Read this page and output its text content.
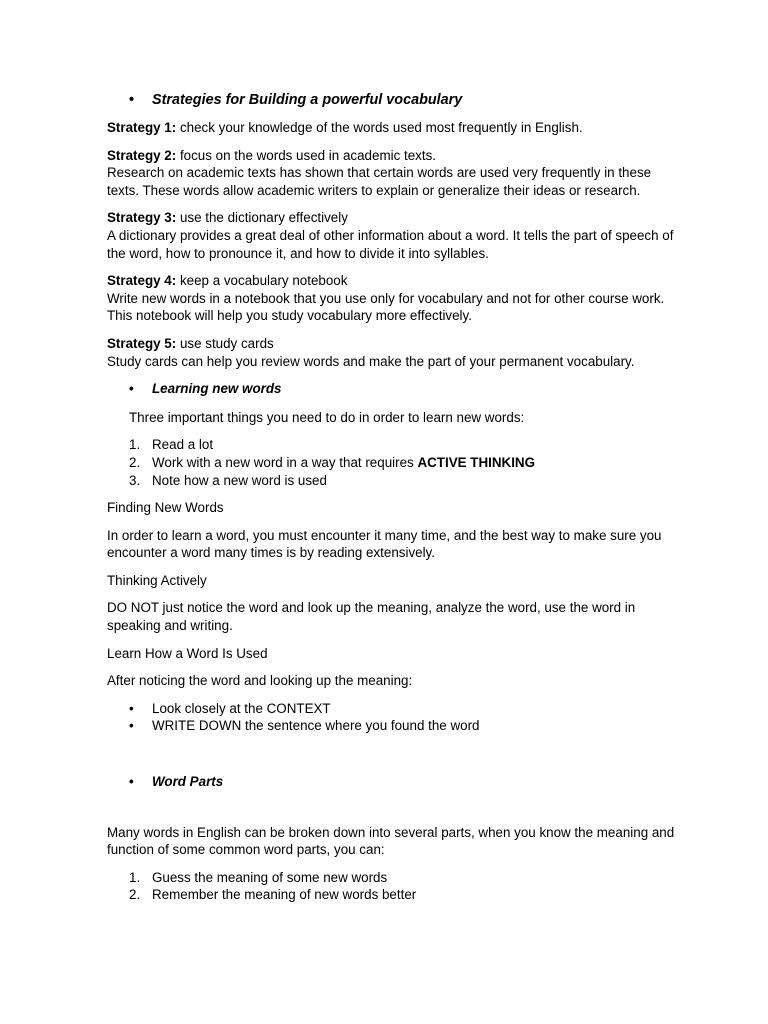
• Strategies for Building a powerful vocabulary

Strategy 1: check your knowledge of the words used most frequently in English.
Strategy 2: focus on the words used in academic texts.
Research on academic texts has shown that certain words are used very frequently in these texts. These words allow academic writers to explain or generalize their ideas or research.
Strategy 3: use the dictionary effectively
A dictionary provides a great deal of other information about a word. It tells the part of speech of the word, how to pronounce it, and how to divide it into syllables.
Strategy 4: keep a vocabulary notebook
Write new words in a notebook that you use only for vocabulary and not for other course work. This notebook will help you study vocabulary more effectively.
Strategy 5: use study cards
Study cards can help you review words and make the part of your permanent vocabulary.

• Learning new words

Three important things you need to do in order to learn new words:

1. Read a lot
2. Work with a new word in a way that requires ACTIVE THINKING
3. Note how a new word is used

Finding New Words

In order to learn a word, you must encounter it many time, and the best way to make sure you encounter a word many times is by reading extensively.

Thinking Actively

DO NOT just notice the word and look up the meaning, analyze the word, use the word in speaking and writing.

Learn How a Word Is Used

After noticing the word and looking up the meaning:

• Look closely at the CONTEXT
• WRITE DOWN the sentence where you found the word

• Word Parts

Many words in English can be broken down into several parts, when you know the meaning and function of some common word parts, you can:

1. Guess the meaning of some new words
2. Remember the meaning of new words better
